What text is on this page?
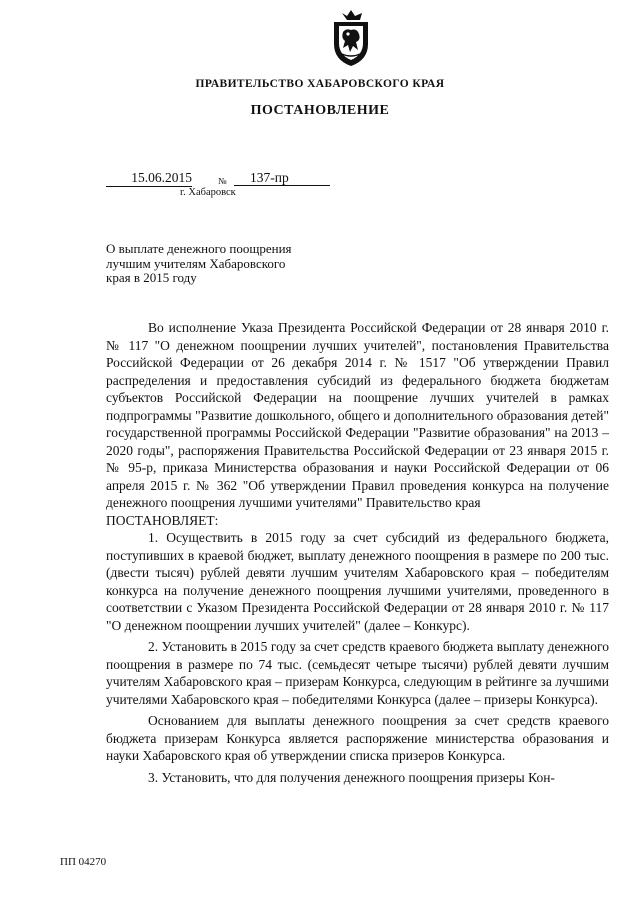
ПРАВИТЕЛЬСТВО ХАБАРОВСКОГО КРАЯ
ПОСТАНОВЛЕНИЕ
15.06.2015	№	137-пр
г. Хабаровск
О выплате денежного поощрения
лучшим учителям Хабаровского
края в 2015 году

Во исполнение Указа Президента Российской Федерации от 28 января 2010 г. № 117 "О денежном поощрении лучших учителей", постановления Правительства Российской Федерации от 26 декабря 2014 г. № 1517 "Об утверждении Правил распределения и предоставления субсидий из федерального бюджета бюджетам субъектов Российской Федерации на поощрение лучших учителей в рамках подпрограммы "Развитие дошкольного, общего и дополнительного образования детей" государственной программы Российской Федерации "Развитие образования" на 2013 – 2020 годы", распоряжения Правительства Российской Федерации от 23 января 2015 г. № 95-р, приказа Министерства образования и науки Российской Федерации от 06 апреля 2015 г. № 362 "Об утверждении Правил проведения конкурса на получение денежного поощрения лучшими учителями" Правительство края

ПОСТАНОВЛЯЕТ:

1. Осуществить в 2015 году за счет субсидий из федерального бюджета, поступивших в краевой бюджет, выплату денежного поощрения в размере по 200 тыс. (двести тысяч) рублей девяти лучшим учителям Хабаровского края – победителям конкурса на получение денежного поощрения лучшими учителями, проведенного в соответствии с Указом Президента Российской Федерации от 28 января 2010 г. № 117 "О денежном поощрении лучших учителей" (далее – Конкурс).

2. Установить в 2015 году за счет средств краевого бюджета выплату денежного поощрения в размере по 74 тыс. (семьдесят четыре тысячи) рублей девяти лучшим учителям Хабаровского края – призерам Конкурса, следующим в рейтинге за лучшими учителями Хабаровского края – победителями Конкурса (далее – призеры Конкурса).

Основанием для выплаты денежного поощрения за счет средств краевого бюджета призерам Конкурса является распоряжение министерства образования и науки Хабаровского края об утверждении списка призеров Конкурса.

3. Установить, что для получения денежного поощрения призеры Кон-

ПП 04270
